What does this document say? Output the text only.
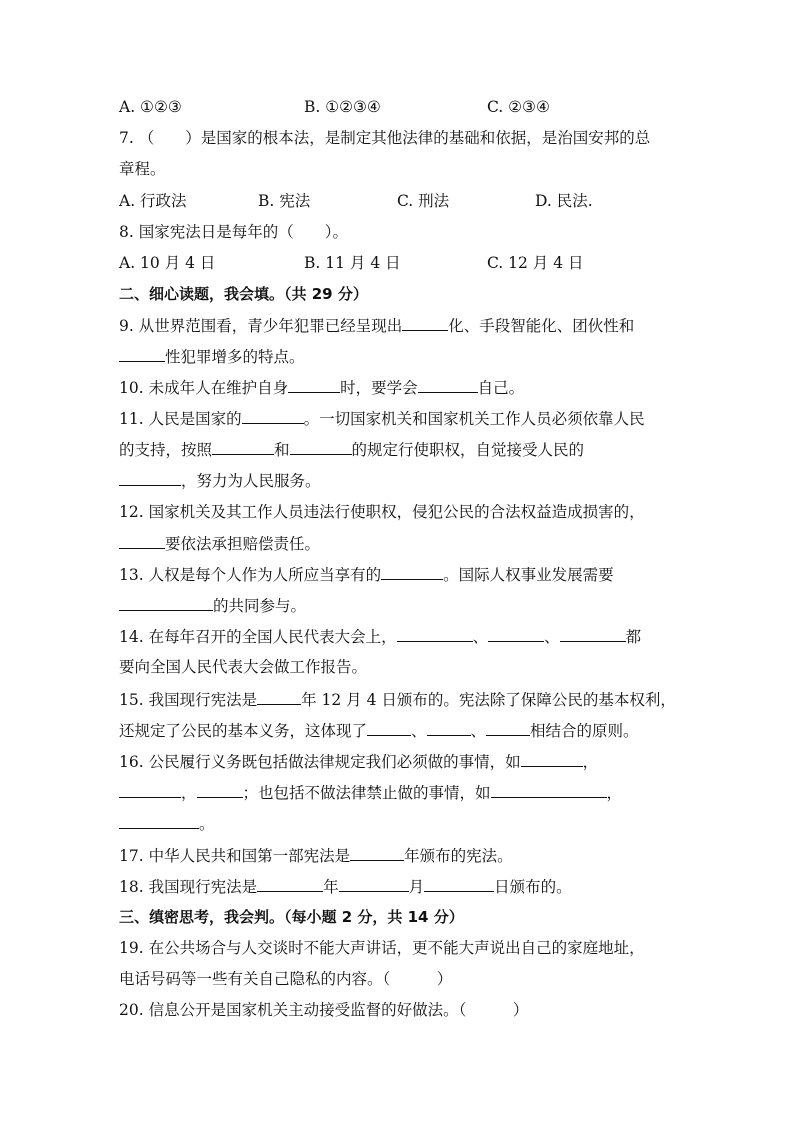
A. ①②③	B. ①②③④	C. ②③④
7. （　　）是国家的根本法，是制定其他法律的基础和依据，是治国安邦的总
章程。
A. 行政法	B. 宪法	C. 刑法	D. 民法.
8. 国家宪法日是每年的（　　）。
A. 10 月 4 日	B. 11 月 4 日	C. 12 月 4 日
二、细心读题，我会填。（共 29 分）
9. 从世界范围看，青少年犯罪已经呈现出	化、手段智能化、团伙性和
性犯罪增多的特点。
10. 未成年人在维护自身	时，要学会	自己。
11. 人民是国家的	。一切国家机关和国家机关工作人员必须依靠人民
的支持，按照	和	的规定行使职权，自觉接受人民的
，努力为人民服务。
12. 国家机关及其工作人员违法行使职权，侵犯公民的合法权益造成损害的，
要依法承担赔偿责任。
13. 人权是每个人作为人所应当享有的	。国际人权事业发展需要
的共同参与。
14. 在每年召开的全国人民代表大会上，	、	、	都
要向全国人民代表大会做工作报告。
15. 我国现行宪法是	年 12 月 4 日颁布的。宪法除了保障公民的基本权利，
还规定了公民的基本义务，这体现了	、	、	相结合的原则。
16. 公民履行义务既包括做法律规定我们必须做的事情，如	，
，	；也包括不做法律禁止做的事情，如	，
。
17. 中华人民共和国第一部宪法是	年颁布的宪法。
18. 我国现行宪法是	年	月	日颁布的。
三、缜密思考，我会判。（每小题 2 分，共 14 分）
19. 在公共场合与人交谈时不能大声讲话，更不能大声说出自己的家庭地址，
电话号码等一些有关自己隐私的内容。（　　　）
20. 信息公开是国家机关主动接受监督的好做法。（　　　）
